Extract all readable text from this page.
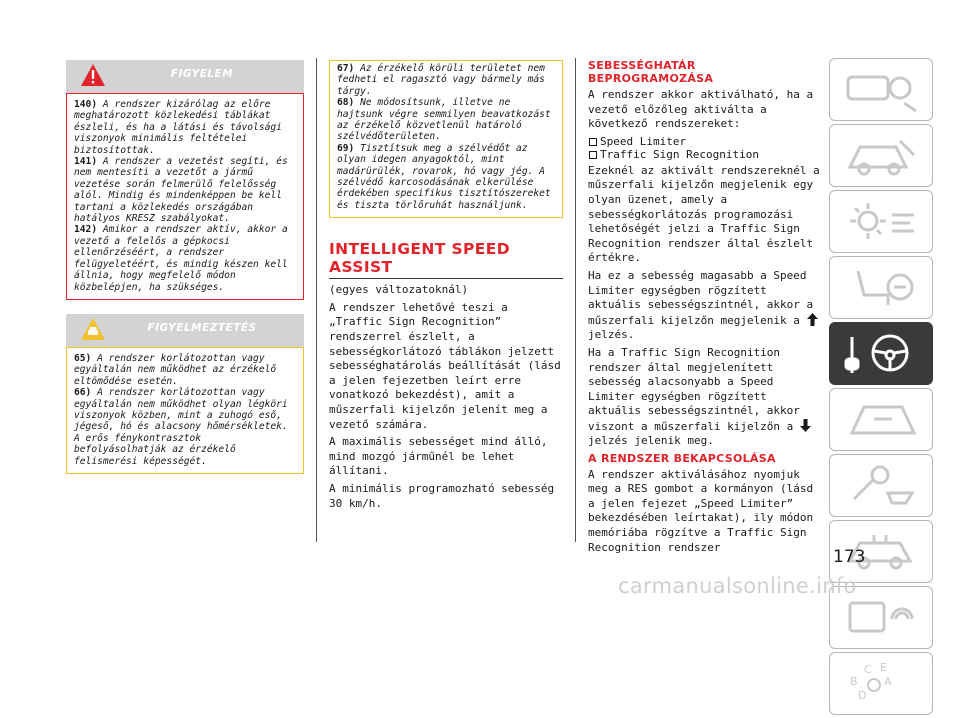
FIGYELEM

140) A rendszer kizárólag az előre meghatározott közlekedési táblákat észleli, és ha a látási és távolsági viszonyok minimális feltételei biztosítottak.

141) A rendszer a vezetést segíti, és nem mentesíti a vezetőt a jármű vezetése során felmerülő felelősség alól. Mindig és mindenképpen be kell tartani a közlekedés országában hatályos KRESZ szabályokat.

142) Amikor a rendszer aktív, akkor a vezető a felelős a gépkocsi ellenőrzéséért, a rendszer felügyeletéért, és mindig készen kell állnia, hogy megfelelő módon közbelépjen, ha szükséges.

FIGYELMEZTETÉS

65) A rendszer korlátozottan vagy egyáltalán nem működhet az érzékelő eltömődése esetén.

66) A rendszer korlátozottan vagy egyáltalán nem működhet olyan légköri viszonyok közben, mint a zuhogó eső, jégeső, hó és alacsony hőmérsékletek. A erős fénykontrasztok befolyásolhatják az érzékelő felismerési képességét.

67) Az érzékelő körüli területet nem fedheti el ragasztó vagy bármely más tárgy.

68) Ne módosítsunk, illetve ne hajtsunk végre semmilyen beavatkozást az érzékelő közvetlenül határoló szélvédőterületen.

69) Tisztítsuk meg a szélvédőt az olyan idegen anyagoktól, mint madárürülék, rovarok, hó vagy jég. A szélvédő karcosodásának elkerülése érdekében specifikus tisztítószereket és tiszta törlőruhát használjunk.

INTELLIGENT SPEED
ASSIST
(egyes változatoknál)
A rendszer lehetővé teszi a „Traffic Sign Recognition” rendszerrel észlelt, a sebességkorlátozó táblákon jelzett sebességhatárolás beállítását (lásd a jelen fejezetben leírt erre vonatkozó bekezdést), amit a műszerfali kijelzőn jelenít meg a vezető számára.
A maximális sebességet mind álló, mind mozgó járműnél be lehet állítani.
A minimális programozható sebesség 30 km/h.
SEBESSÉGHATÁR
BEPROGRAMOZÁSA
A rendszer akkor aktiválható, ha a vezető előzőleg aktiválta a következő rendszereket:
Speed Limiter
Traffic Sign Recognition
Ezeknél az aktivált rendszereknél a műszerfali kijelzőn megjelenik egy olyan üzenet, amely a sebességkorlátozás programozási lehetőségét jelzi a Traffic Sign Recognition rendszer által észlelt értékre.
Ha ez a sebesség magasabb a Speed Limiter egységben rögzített aktuális sebességszintnél, akkor a műszerfali kijelzőn megjelenik a  jelzés.
Ha a Traffic Sign Recognition rendszer által megjelenített sebesség alacsonyabb a Speed Limiter egységben rögzített aktuális sebességszintnél, akkor viszont a műszerfali kijelzőn a  jelzés jelenik meg.
A RENDSZER BEKAPCSOLÁSA
A rendszer aktiválásához nyomjuk meg a RES gombot a kormányon (lásd a jelen fejezet „Speed Limiter” bekezdésében leírtakat), ily módon memóriába rögzítve a Traffic Sign Recognition rendszer
B
C E
A
D
173
carmanualsonline.info
